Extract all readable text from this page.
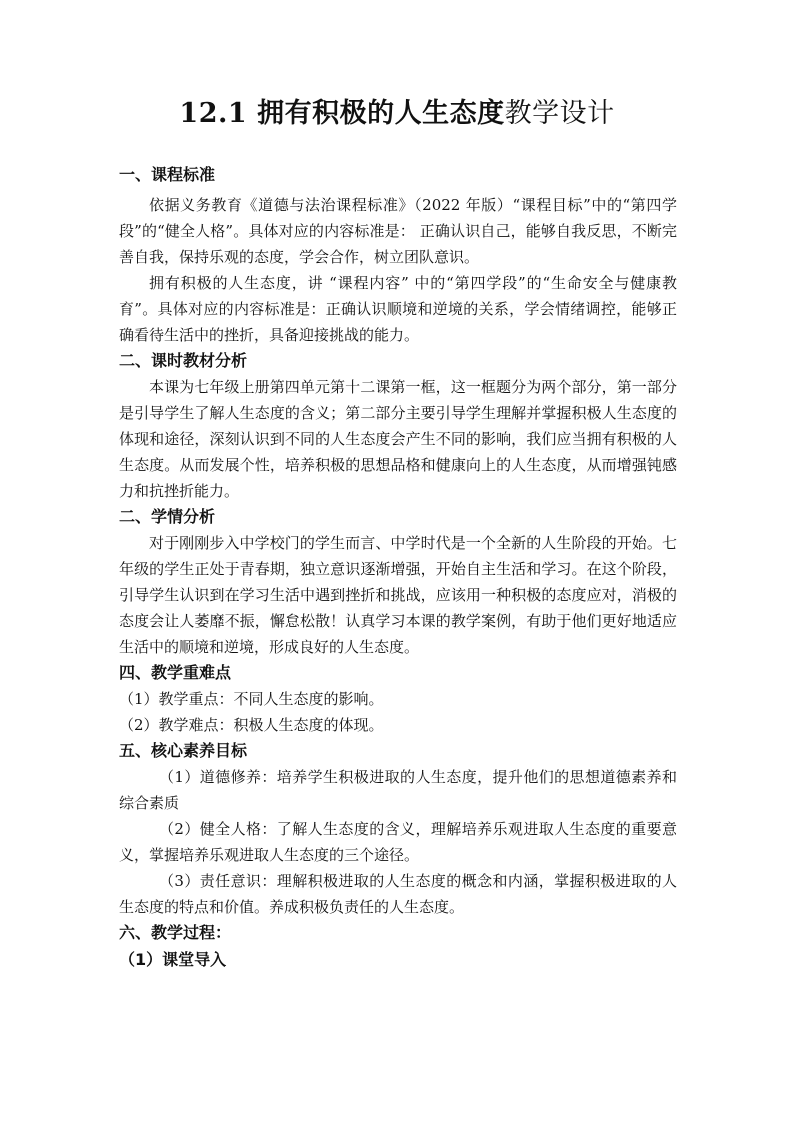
12.1 拥有积极的人生态度教学设计
一、课程标准

依据义务教育《道德与法治课程标准》（2022 年版）“课程目标”中的“第四学段”的“健全人格”。具体对应的内容标准是： 正确认识自己，能够自我反思，不断完善自我，保持乐观的态度，学会合作，树立团队意识。

拥有积极的人生态度，讲 “课程内容” 中的“第四学段”的“生命安全与健康教育”。具体对应的内容标准是：正确认识顺境和逆境的关系，学会情绪调控，能够正确看待生活中的挫折，具备迎接挑战的能力。

二、课时教材分析

本课为七年级上册第四单元第十二课第一框，这一框题分为两个部分，第一部分是引导学生了解人生态度的含义；第二部分主要引导学生理解并掌握积极人生态度的体现和途径，深刻认识到不同的人生态度会产生不同的影响，我们应当拥有积极的人生态度。从而发展个性，培养积极的思想品格和健康向上的人生态度，从而增强钝感力和抗挫折能力。

二、学情分析

对于刚刚步入中学校门的学生而言、中学时代是一个全新的人生阶段的开始。七年级的学生正处于青春期，独立意识逐渐增强，开始自主生活和学习。在这个阶段，引导学生认识到在学习生活中遇到挫折和挑战，应该用一种积极的态度应对，消极的态度会让人萎靡不振，懈怠松散！认真学习本课的教学案例，有助于他们更好地适应生活中的顺境和逆境，形成良好的人生态度。

四、教学重难点

（1）教学重点：不同人生态度的影响。

（2）教学难点：积极人生态度的体现。

五、核心素养目标

（1）道德修养：培养学生积极进取的人生态度，提升他们的思想道德素养和综合素质

（2）健全人格：了解人生态度的含义，理解培养乐观进取人生态度的重要意义，掌握培养乐观进取人生态度的三个途径。

（3）责任意识：理解积极进取的人生态度的概念和内涵，掌握积极进取的人生态度的特点和价值。养成积极负责任的人生态度。

六、教学过程：
（1）课堂导入
